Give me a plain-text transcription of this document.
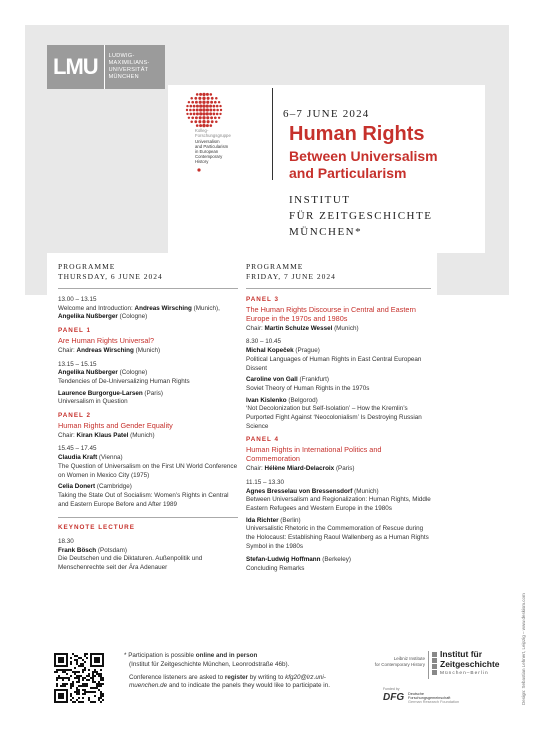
LMU	LUDWIG-
MAXIMILIANS-
UNIVERSITÄT
MÜNCHEN
Kolleg-
Forschungsgruppe
Universalism
and Particularism
in European
Contemporary
History
6–7 JUNE 2024
Human Rights
Between Universalism
and Particularism
INSTITUT
FÜR ZEITGESCHICHTE
MÜNCHEN*
PROGRAMME
THURSDAY, 6 JUNE 2024
13.00 – 13.15
Welcome and Introduction: Andreas Wirsching (Munich), Angelika Nußberger (Cologne)
PANEL 1
Are Human Rights Universal?
Chair: Andreas Wirsching (Munich)
13.15 – 15.15
Angelika Nußberger (Cologne)
Tendencies of De-Universalizing Human Rights
Laurence Burgorgue-Larsen (Paris)
Universalism in Question
PANEL 2
Human Rights and Gender Equality
Chair: Kiran Klaus Patel (Munich)
15.45 – 17.45
Claudia Kraft (Vienna)
The Question of Universalism on the First UN World Conference on Women in Mexico City (1975)
Celia Donert (Cambridge)
Taking the State Out of Socialism: Women’s Rights in Central and Eastern Europe Before and After 1989
KEYNOTE LECTURE
18.30
Frank Bösch (Potsdam)
Die Deutschen und die Diktaturen. Außenpolitik und Menschenrechte seit der Ära Adenauer
PROGRAMME
FRIDAY, 7 JUNE 2024
PANEL 3
The Human Rights Discourse in Central and Eastern Europe in the 1970s and 1980s
Chair: Martin Schulze Wessel (Munich)
8.30 – 10.45
Michal Kopeček (Prague)
Political Languages of Human Rights in East Central European Dissent
Caroline von Gall (Frankfurt)
Soviet Theory of Human Rights in the 1970s
Ivan Kislenko (Belgorod)
‘Not Decolonization but Self-Isolation’ – How the Kremlin’s Purported Fight Against ‘Neocolonialism’ Is Destroying Russian Science
PANEL 4
Human Rights in International Politics and Commemoration
Chair: Hélène Miard-Delacroix (Paris)
11.15 – 13.30
Agnes Bresselau von Bressensdorf (Munich)
Between Universalism and Regionalization: Human Rights, Middle Eastern Refugees and Western Europe in the 1980s
Ida Richter (Berlin)
Universalistic Rhetoric in the Commemoration of Rescue during the Holocaust: Establishing Raoul Wallenberg as a Human Rights Symbol in the 1980s
Stefan-Ludwig Hoffmann (Berkeley)
Concluding Remarks
* Participation is possible online and in person
(Institut für Zeitgeschichte München, Leonrodstraße 46b).
Conference listeners are asked to register by writing to kfg20@lrz.uni-muenchen.de and to indicate the panels they would like to participate in.
Leibniz Institute
for Contemporary History
Institut für
Zeitgeschichte
München–Berlin
Funded by
DFG Deutsche
Forschungsgemeinschaft
German Research Foundation	Design: Sebastian Lehnert, Leipzig – www.deskism.com
